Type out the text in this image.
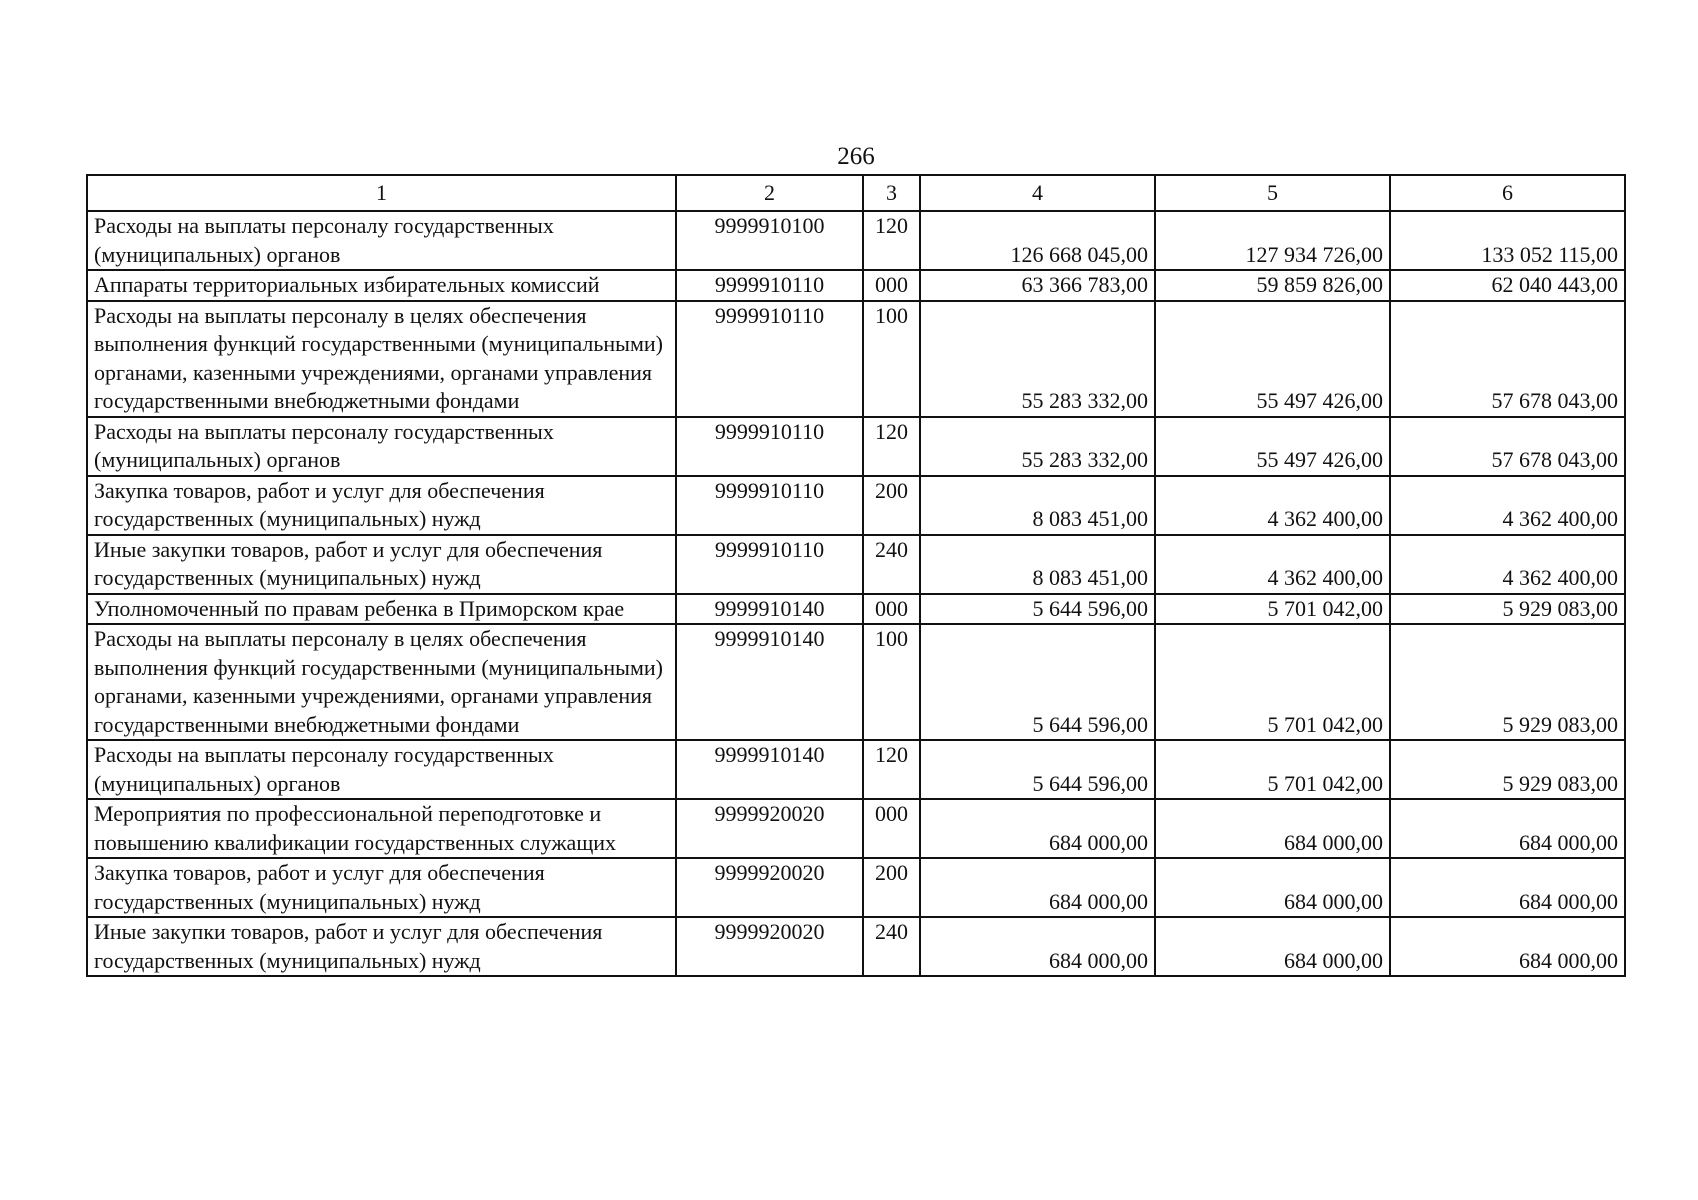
266
1	2	3	4	5	6
Расходы на выплаты персоналу государственных (муниципальных) органов	9999910100	120	126 668 045,00	127 934 726,00	133 052 115,00
Аппараты территориальных избирательных комиссий	9999910110	000	63 366 783,00	59 859 826,00	62 040 443,00
Расходы на выплаты персоналу в целях обеспечения выполнения функций государственными (муниципальными) органами, казенными учреждениями, органами управления государственными внебюджетными фондами	9999910110	100	55 283 332,00	55 497 426,00	57 678 043,00
Расходы на выплаты персоналу государственных (муниципальных) органов	9999910110	120	55 283 332,00	55 497 426,00	57 678 043,00
Закупка товаров, работ и услуг для обеспечения государственных (муниципальных) нужд	9999910110	200	8 083 451,00	4 362 400,00	4 362 400,00
Иные закупки товаров, работ и услуг для обеспечения государственных (муниципальных) нужд	9999910110	240	8 083 451,00	4 362 400,00	4 362 400,00
Уполномоченный по правам ребенка в Приморском крае	9999910140	000	5 644 596,00	5 701 042,00	5 929 083,00
Расходы на выплаты персоналу в целях обеспечения выполнения функций государственными (муниципальными) органами, казенными учреждениями, органами управления государственными внебюджетными фондами	9999910140	100	5 644 596,00	5 701 042,00	5 929 083,00
Расходы на выплаты персоналу государственных (муниципальных) органов	9999910140	120	5 644 596,00	5 701 042,00	5 929 083,00
Мероприятия по профессиональной переподготовке и повышению квалификации государственных служащих	9999920020	000	684 000,00	684 000,00	684 000,00
Закупка товаров, работ и услуг для обеспечения государственных (муниципальных) нужд	9999920020	200	684 000,00	684 000,00	684 000,00
Иные закупки товаров, работ и услуг для обеспечения государственных (муниципальных) нужд	9999920020	240	684 000,00	684 000,00	684 000,00
